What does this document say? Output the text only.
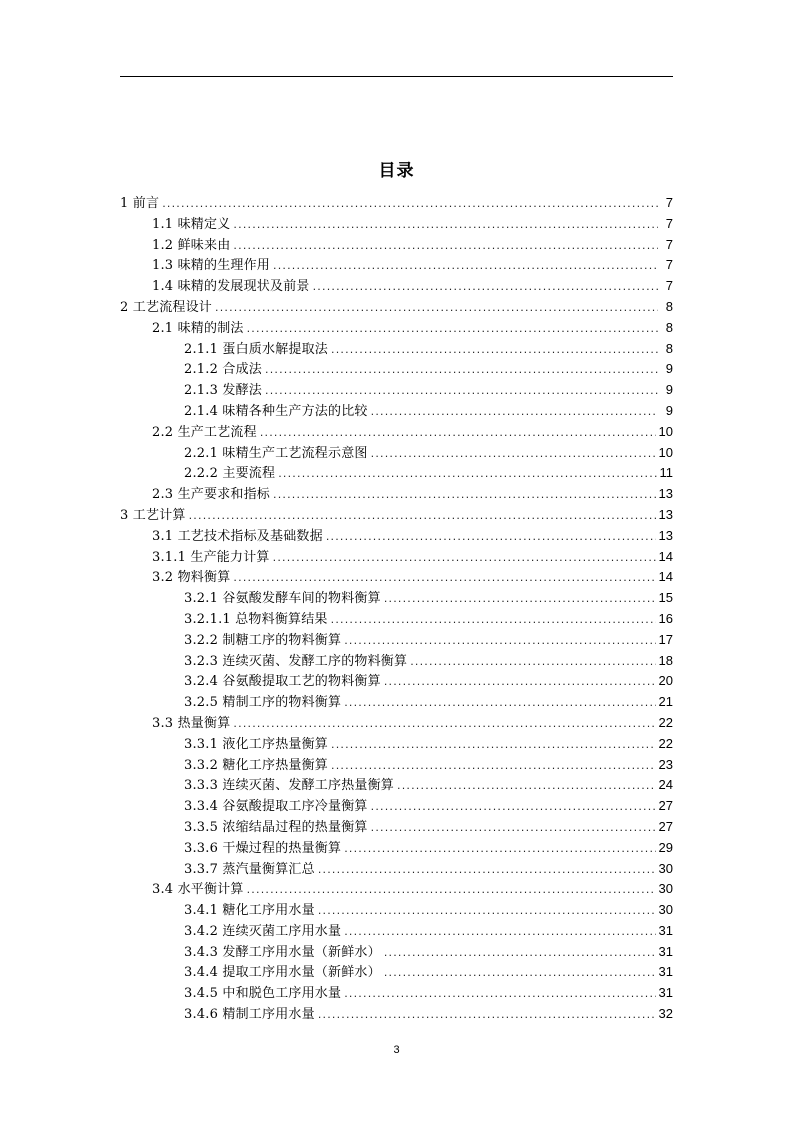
目录
1 前言 .....	7
1.1 味精定义 .....	7
1.2 鲜味来由 .....	7
1.3 味精的生理作用 .....	7
1.4 味精的发展现状及前景 .....	7
2 工艺流程设计 .....	8
2.1 味精的制法 .....	8
2.1.1 蛋白质水解提取法 .....	8
2.1.2 合成法 .....	9
2.1.3 发酵法 .....	9
2.1.4 味精各种生产方法的比较 .....	9
2.2 生产工艺流程 .....	10
2.2.1 味精生产工艺流程示意图 .....	10
2.2.2 主要流程 .....	11
2.3 生产要求和指标 .....	13
3 工艺计算 .....	13
3.1 工艺技术指标及基础数据 .....	13
3.1.1 生产能力计算 .....	14
3.2 物料衡算 .....	14
3.2.1 谷氨酸发酵车间的物料衡算 .....	15
3.2.1.1 总物料衡算结果 .....	16
3.2.2 制糖工序的物料衡算 .....	17
3.2.3 连续灭菌、发酵工序的物料衡算 .....	18
3.2.4 谷氨酸提取工艺的物料衡算 .....	20
3.2.5 精制工序的物料衡算 .....	21
3.3 热量衡算 .....	22
3.3.1 液化工序热量衡算 .....	22
3.3.2 糖化工序热量衡算 .....	23
3.3.3 连续灭菌、发酵工序热量衡算 .....	24
3.3.4 谷氨酸提取工序冷量衡算 .....	27
3.3.5 浓缩结晶过程的热量衡算 .....	27
3.3.6 干燥过程的热量衡算 .....	29
3.3.7 蒸汽量衡算汇总 .....	30
3.4 水平衡计算 .....	30
3.4.1 糖化工序用水量 .....	30
3.4.2 连续灭菌工序用水量 .....	31
3.4.3 发酵工序用水量（新鲜水） .....	31
3.4.4 提取工序用水量（新鲜水） .....	31
3.4.5 中和脱色工序用水量 .....	31
3.4.6 精制工序用水量 .....	32
3
